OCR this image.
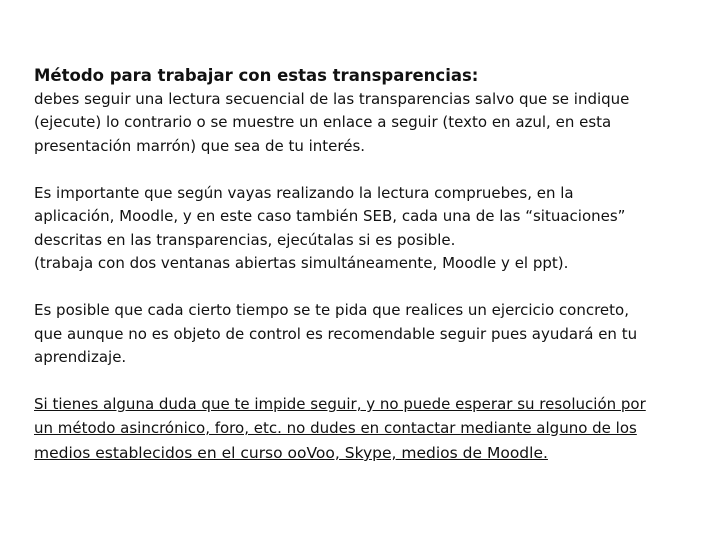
Método para trabajar con estas transparencias:
debes seguir una lectura secuencial de las transparencias salvo que se indique
(ejecute) lo contrario o se muestre un enlace a seguir (texto en azul, en esta
presentación marrón) que sea de tu interés.
Es importante que según vayas realizando la lectura compruebes, en la
aplicación, Moodle, y en este caso también SEB, cada una de las “situaciones”
descritas en las transparencias, ejecútalas si es posible.
(trabaja con dos ventanas abiertas simultáneamente, Moodle y el ppt).
Es posible que cada cierto tiempo se te pida que realices un ejercicio concreto,
que aunque no es objeto de control es recomendable seguir pues ayudará en tu
aprendizaje.
Si tienes alguna duda que te impide seguir, y no puede esperar su resolución por
un método asincrónico, foro, etc. no dudes en contactar mediante alguno de los
medios establecidos en el curso ooVoo, Skype, medios de Moodle.
